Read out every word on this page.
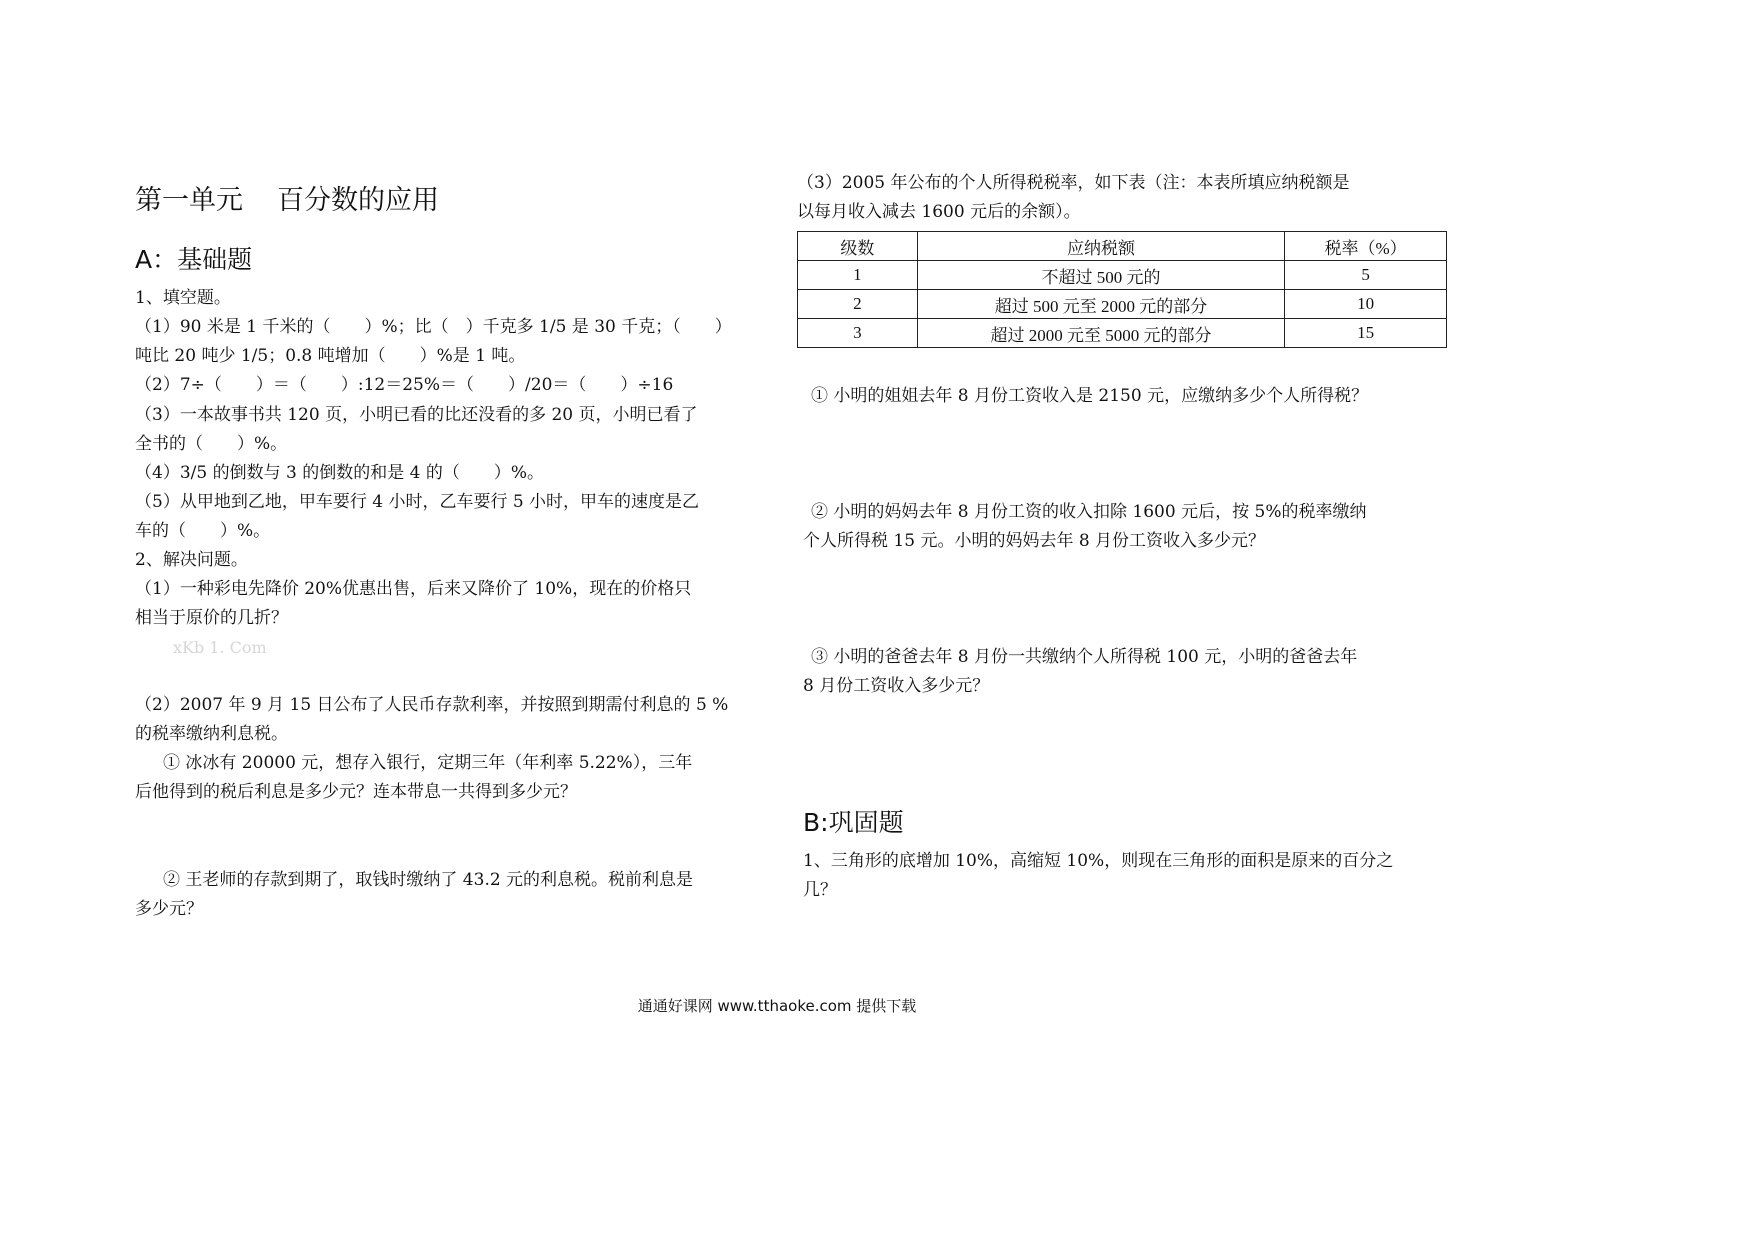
第一单元 百分数的应用
A：基础题
1、填空题。
（1）90 米是 1 千米的（　　）%；比（　）千克多 1/5 是 30 千克；（　　）
吨比 20 吨少 1/5；0.8 吨增加（　　）%是 1 吨。
（2）7÷（　　）＝（　　）:12＝25%＝（　　）/20＝（　　）÷16
（3）一本故事书共 120 页，小明已看的比还没看的多 20 页，小明已看了
全书的（　　）%。
（4）3/5 的倒数与 3 的倒数的和是 4 的（　　）%。
（5）从甲地到乙地，甲车要行 4 小时，乙车要行 5 小时，甲车的速度是乙
车的（　　）%。
2、解决问题。
（1）一种彩电先降价 20%优惠出售，后来又降价了 10%，现在的价格只
相当于原价的几折？
xKb 1. Com
（2）2007 年 9 月 15 日公布了人民币存款利率，并按照到期需付利息的 5 %
的税率缴纳利息税。
① 冰冰有 20000 元，想存入银行，定期三年（年利率 5.22%），三年
后他得到的税后利息是多少元？连本带息一共得到多少元？
② 王老师的存款到期了，取钱时缴纳了 43.2 元的利息税。税前利息是
多少元？
（3）2005 年公布的个人所得税税率，如下表（注：本表所填应纳税额是
以每月收入减去 1600 元后的余额）。
级数	应纳税额	税率（%）
1	不超过 500 元的	5
2	超过 500 元至 2000 元的部分	10
3	超过 2000 元至 5000 元的部分	15
① 小明的姐姐去年 8 月份工资收入是 2150 元，应缴纳多少个人所得税？
② 小明的妈妈去年 8 月份工资的收入扣除 1600 元后，按 5%的税率缴纳
个人所得税 15 元。小明的妈妈去年 8 月份工资收入多少元？
③ 小明的爸爸去年 8 月份一共缴纳个人所得税 100 元，小明的爸爸去年
8 月份工资收入多少元？
B:巩固题
1、三角形的底增加 10%，高缩短 10%，则现在三角形的面积是原来的百分之
几？
通通好课网 www.tthaoke.com 提供下载
